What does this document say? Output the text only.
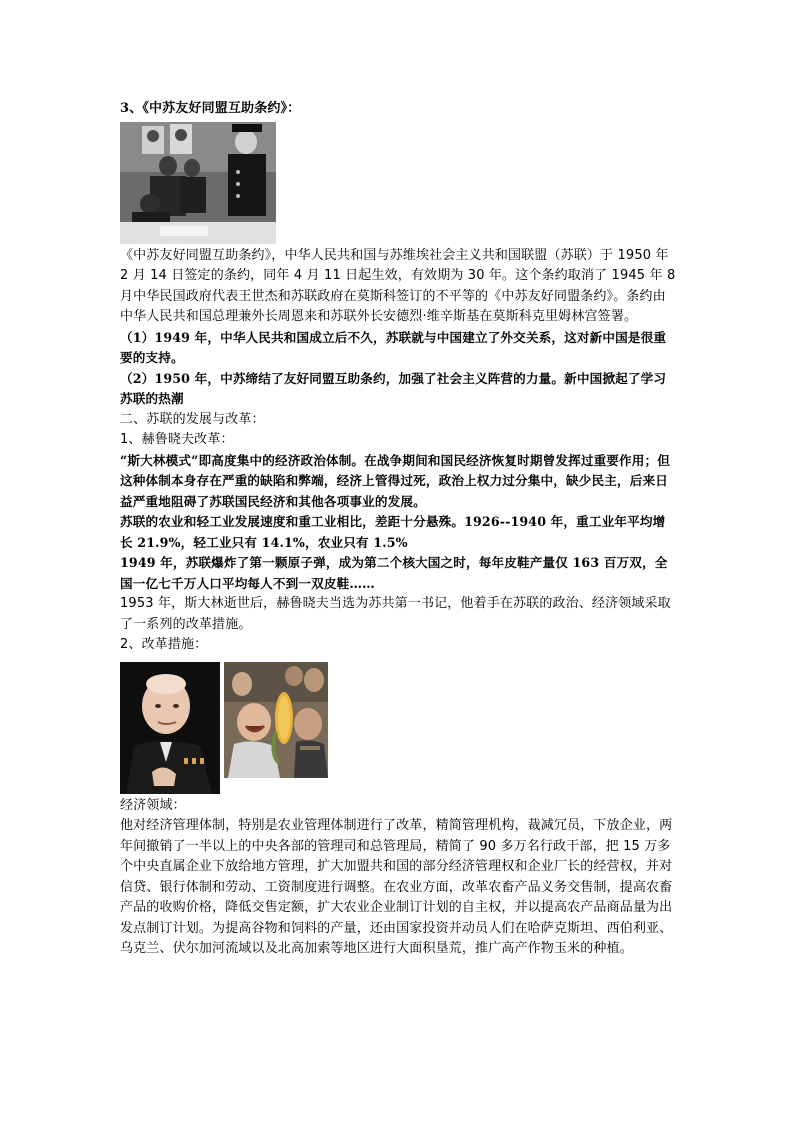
3、《中苏友好同盟互助条约》：

《中苏友好同盟互助条约》，中华人民共和国与苏维埃社会主义共和国联盟（苏联）于 1950 年 2 月 14 日签定的条约，同年 4 月 11 日起生效，有效期为 30 年。这个条约取消了 1945 年 8 月中华民国政府代表王世杰和苏联政府在莫斯科签订的不平等的《中苏友好同盟条约》。条约由中华人民共和国总理兼外长周恩来和苏联外长安德烈·维辛斯基在莫斯科克里姆林宫签署。

（1）1949 年，中华人民共和国成立后不久，苏联就与中国建立了外交关系，这对新中国是很重要的支持。

（2）1950 年，中苏缔结了友好同盟互助条约，加强了社会主义阵营的力量。新中国掀起了学习苏联的热潮

二、苏联的发展与改革：

1、赫鲁晓夫改革：

“斯大林模式”即高度集中的经济政治体制。在战争期间和国民经济恢复时期曾发挥过重要作用；但这种体制本身存在严重的缺陷和弊端，经济上管得过死，政治上权力过分集中，缺少民主，后来日益严重地阻碍了苏联国民经济和其他各项事业的发展。

苏联的农业和轻工业发展速度和重工业相比，差距十分悬殊。1926--1940 年，重工业年平均增长 21.9%，轻工业只有 14.1%，农业只有 1.5%

1949 年，苏联爆炸了第一颗原子弹，成为第二个核大国之时，每年皮鞋产量仅 163 百万双，全国一亿七千万人口平均每人不到一双皮鞋……

1953 年，斯大林逝世后，赫鲁晓夫当选为苏共第一书记，他着手在苏联的政治、经济领域采取了一系列的改革措施。

2、改革措施：

经济领域：

他对经济管理体制，特别是农业管理体制进行了改革，精简管理机构，裁减冗员，下放企业，两年间撤销了一半以上的中央各部的管理司和总管理局，精简了 90 多万名行政干部，把 15 万多个中央直属企业下放给地方管理，扩大加盟共和国的部分经济管理权和企业厂长的经营权，并对信贷、银行体制和劳动、工资制度进行调整。在农业方面，改革农畜产品义务交售制，提高农畜产品的收购价格，降低交售定额，扩大农业企业制订计划的自主权，并以提高农产品商品量为出发点制订计划。为提高谷物和饲料的产量，还由国家投资并动员人们在哈萨克斯坦、西伯利亚、乌克兰、伏尔加河流域以及北高加索等地区进行大面积垦荒，推广高产作物玉米的种植。
